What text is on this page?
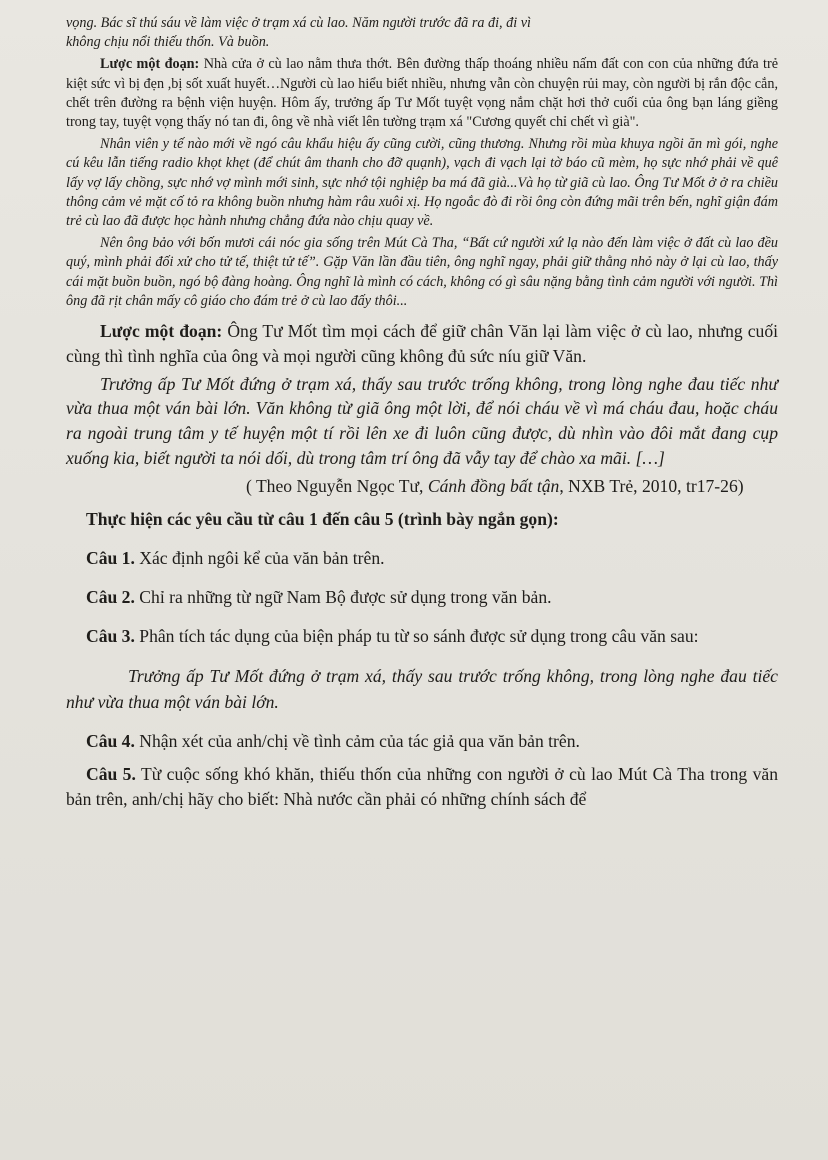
vọng. Bác sĩ thú sáu về làm việc ở trạm xá cù lao. Năm người trước đã ra đi, đi vì
không chịu nổi thiếu thốn. Và buồn.

Lược một đoạn: Nhà cửa ở cù lao nằm thưa thớt. Bên đường thấp thoáng nhiều nấm đất con con của những đứa trẻ kiệt sức vì bị đẹn ,bị sốt xuất huyết…Người cù lao hiểu biết nhiều, nhưng vẫn còn chuyện rủi may, còn người bị rắn độc cắn, chết trên đường ra bệnh viện huyện. Hôm ấy, trưởng ấp Tư Mốt tuyệt vọng nắm chặt hơi thở cuối của ông bạn láng giềng trong tay, tuyệt vọng thấy nó tan đi, ông về nhà viết lên tường trạm xá "Cương quyết chỉ chết vì già".

Nhân viên y tế nào mới về ngó câu khẩu hiệu ấy cũng cười, cũng thương. Nhưng rồi mùa khuya ngồi ăn mì gói, nghe cú kêu lẫn tiếng radio khọt khẹt (để chút âm thanh cho đỡ quạnh), vạch đi vạch lại tờ báo cũ mèm, họ sực nhớ phải về quê lấy vợ lấy chồng, sực nhớ vợ mình mới sinh, sực nhớ tội nghiệp ba má đã già...Và họ từ giã cù lao. Ông Tư Mốt ở ở ra chiều thông cảm vẻ mặt cố tỏ ra không buồn nhưng hàm râu xuôi xị. Họ ngoắc đò đi rồi ông còn đứng mãi trên bến, nghĩ giận đám trẻ cù lao đã được học hành nhưng chẳng đứa nào chịu quay về.

Nên ông bảo với bốn mươi cái nóc gia sống trên Mút Cà Tha, “Bất cứ người xứ lạ nào đến làm việc ở đất cù lao đều quý, mình phải đối xử cho tử tế, thiệt tử tế”. Gặp Văn lần đầu tiên, ông nghĩ ngay, phải giữ thằng nhỏ này ở lại cù lao, thấy cái mặt buồn buồn, ngó bộ đàng hoàng. Ông nghĩ là mình có cách, không có gì sâu nặng bằng tình cảm người với người. Thì ông đã rịt chân mấy cô giáo cho đám trẻ ở cù lao đấy thôi...

Lược một đoạn: Ông Tư Mốt tìm mọi cách để giữ chân Văn lại làm việc ở cù lao, nhưng cuối cùng thì tình nghĩa của ông và mọi người cũng không đủ sức níu giữ Văn.

Trưởng ấp Tư Mốt đứng ở trạm xá, thấy sau trước trống không, trong lòng nghe đau tiếc như vừa thua một ván bài lớn. Văn không từ giã ông một lời, để nói cháu về vì má cháu đau, hoặc cháu ra ngoài trung tâm y tế huyện một tí rồi lên xe đi luôn cũng được, dù nhìn vào đôi mắt đang cụp xuống kia, biết người ta nói dối, dù trong tâm trí ông đã vẫy tay để chào xa mãi. […]

( Theo Nguyễn Ngọc Tư, Cánh đồng bất tận, NXB Trẻ, 2010, tr17-26)

Thực hiện các yêu cầu từ câu 1 đến câu 5 (trình bày ngắn gọn):

Câu 1. Xác định ngôi kể của văn bản trên.

Câu 2. Chỉ ra những từ ngữ Nam Bộ được sử dụng trong văn bản.

Câu 3. Phân tích tác dụng của biện pháp tu từ so sánh được sử dụng trong câu văn sau:

Trưởng ấp Tư Mốt đứng ở trạm xá, thấy sau trước trống không, trong lòng nghe đau tiếc như vừa thua một ván bài lớn.

Câu 4. Nhận xét của anh/chị về tình cảm của tác giả qua văn bản trên.

Câu 5. Từ cuộc sống khó khăn, thiếu thốn của những con người ở cù lao Mút Cà Tha trong văn bản trên, anh/chị hãy cho biết: Nhà nước cần phải có những chính sách để
